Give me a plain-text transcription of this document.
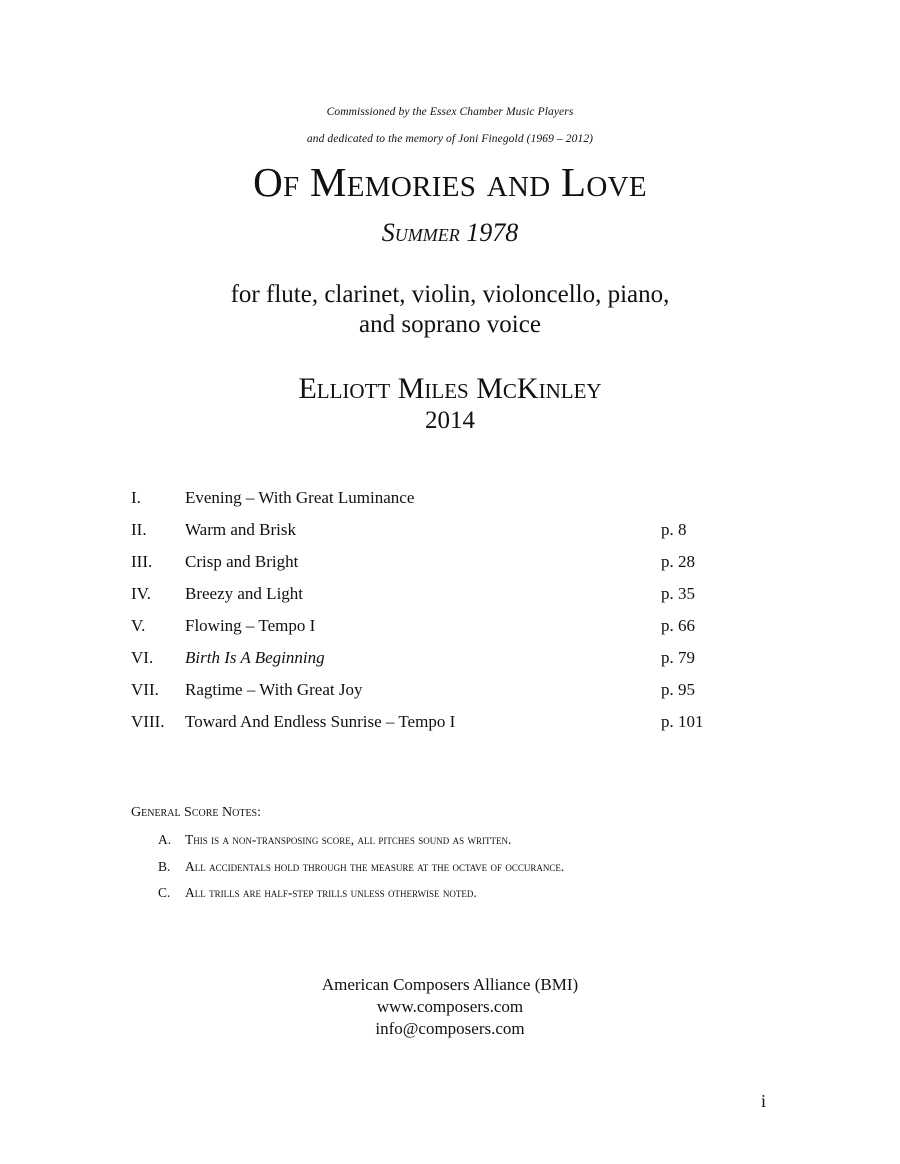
Commissioned by the Essex Chamber Music Players
and dedicated to the memory of Joni Finegold (1969 – 2012)
Of Memories and Love
Summer 1978
for flute, clarinet, violin, violoncello, piano,
and soprano voice
Elliott Miles McKinley
2014
I.	Evening – With Great Luminance
II. Warm and Brisk	p. 8
III. Crisp and Bright	p. 28
IV. Breezy and Light	p. 35
V. Flowing – Tempo I	p. 66
VI. Birth Is A Beginning	p. 79
VII. Ragtime – With Great Joy	p. 95
VIII. Toward And Endless Sunrise – Tempo I	p. 101
General Score Notes:
A. This is a non-transposing score, all pitches sound as written.
B. All accidentals hold through the measure at the octave of occurance.
C. All trills are half-step trills unless otherwise noted.
American Composers Alliance (BMI)
www.composers.com
info@composers.com
i
